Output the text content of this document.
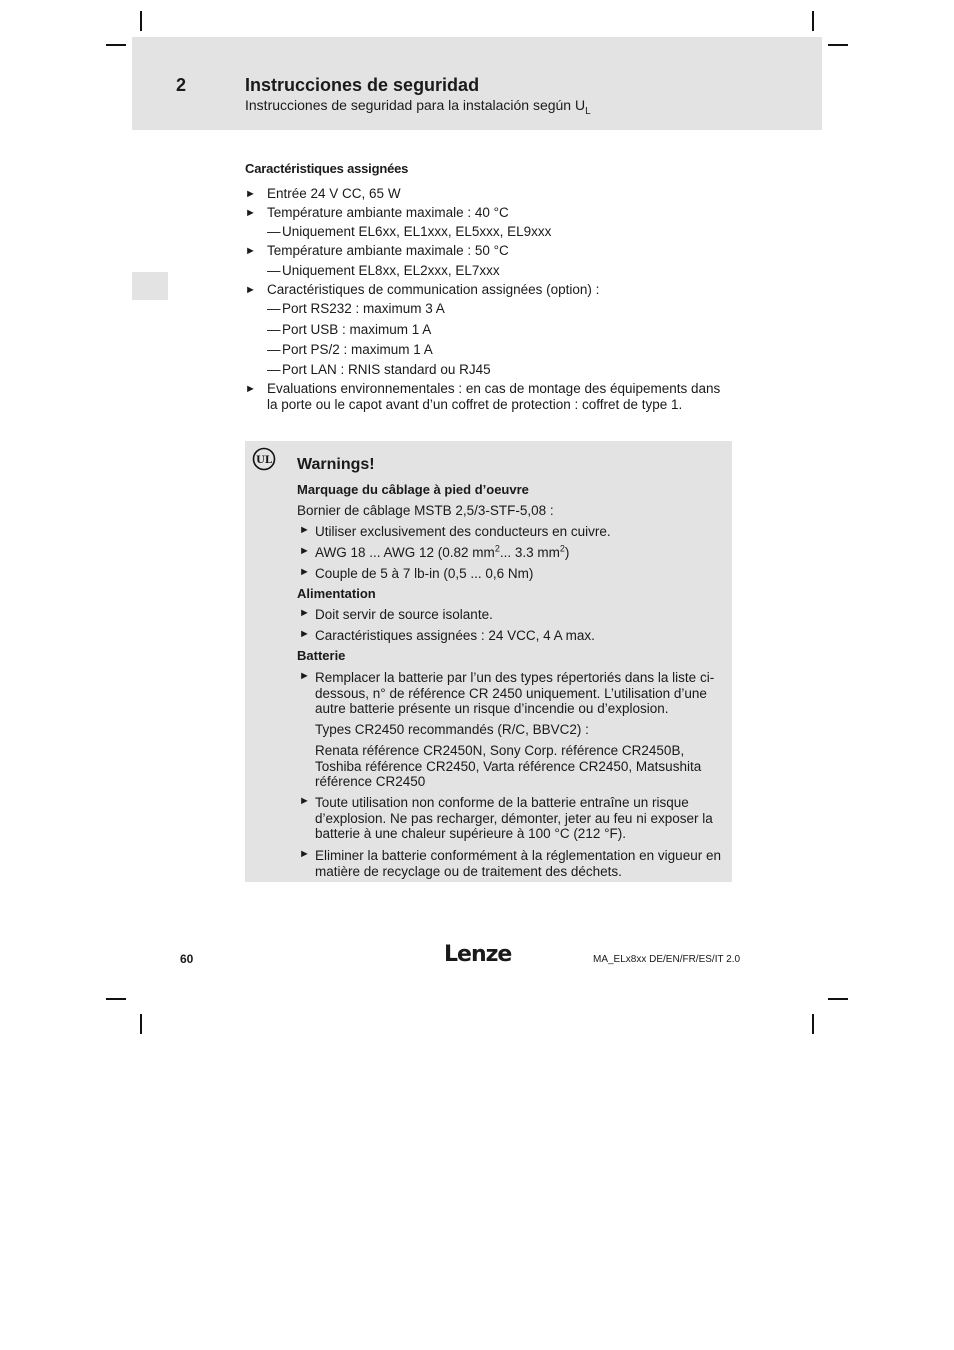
2	Instrucciones de seguridad
Instrucciones de seguridad para la instalación según $U_L$
Caractéristiques assignées
► Entrée 24 V CC, 65 W
► Température ambiante maximale : 40 °C
— Uniquement EL6xx, EL1xxx, EL5xxx, EL9xxx
► Température ambiante maximale : 50 °C
— Uniquement EL8xx, EL2xxx, EL7xxx
► Caractéristiques de communication assignées (option) :
— Port RS232 : maximum 3 A
— Port USB : maximum 1 A
— Port PS/2 : maximum 1 A
— Port LAN : RNIS standard ou RJ45
► Evaluations environnementales : en cas de montage des équipements dans la porte ou le capot avant d’un coffret de protection : coffret de type 1.
UL Warnings!
Marquage du câblage à pied d’oeuvre
Bornier de câblage MSTB 2,5/3-STF-5,08 :
► Utiliser exclusivement des conducteurs en cuivre.
► AWG 18 ... AWG 12 (0.82 $mm^2$... 3.3 $mm^2$)
► Couple de 5 à 7 lb-in (0,5 ... 0,6 Nm)
Alimentation
► Doit servir de source isolante.
► Caractéristiques assignées : 24 VCC, 4 A max.
Batterie
► Remplacer la batterie par l’un des types répertoriés dans la liste ci-dessous, n° de référence CR 2450 uniquement. L’utilisation d’une autre batterie présente un risque d’incendie ou d’explosion.
Types CR2450 recommandés (R/C, BBVC2) :
Renata référence CR2450N, Sony Corp. référence CR2450B, Toshiba référence CR2450, Varta référence CR2450, Matsushita référence CR2450
► Toute utilisation non conforme de la batterie entraîne un risque d’explosion. Ne pas recharger, démonter, jeter au feu ni exposer la batterie à une chaleur supérieure à 100 °C (212 °F).
► Eliminer la batterie conformément à la réglementation en vigueur en matière de recyclage ou de traitement des déchets.
60	Lenze	MA_ELx8xx DE/EN/FR/ES/IT 2.0
